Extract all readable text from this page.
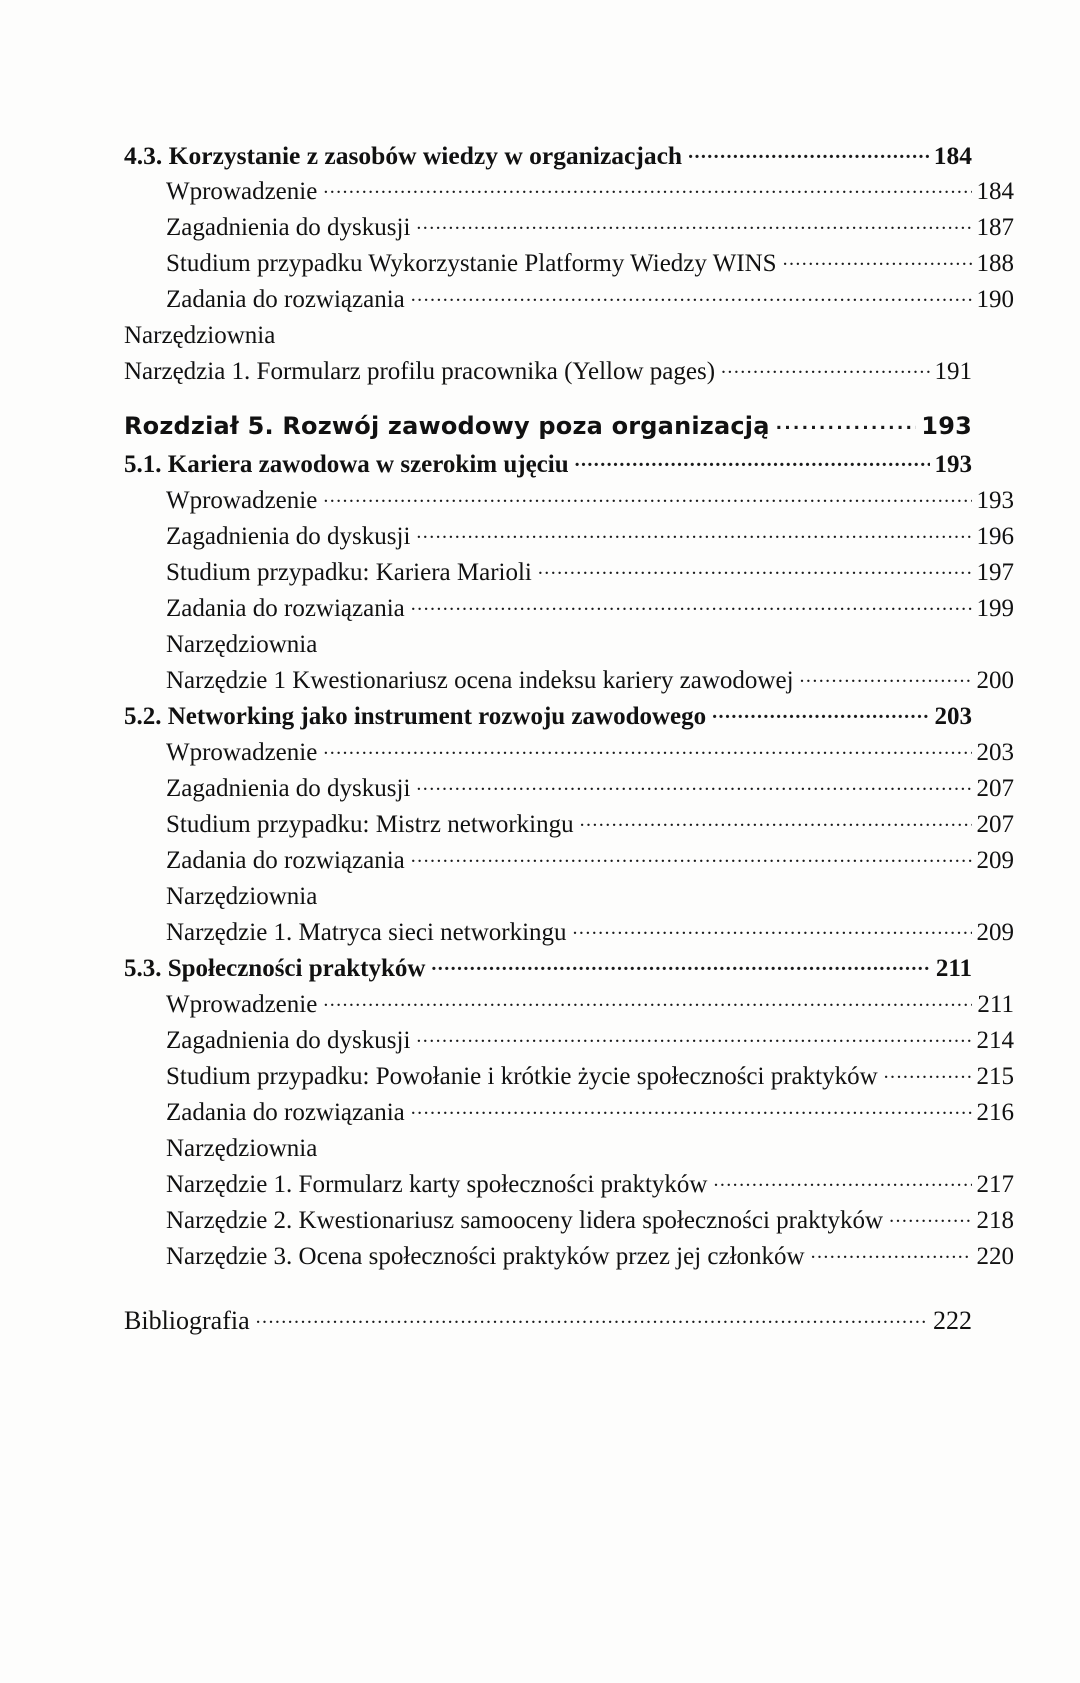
4.3. Korzystanie z zasobów wiedzy w organizacjach .....	184
Wprowadzenie .....	184
Zagadnienia do dyskusji .....	187
Studium przypadku Wykorzystanie Platformy Wiedzy WINS .....	188
Zadania do rozwiązania .....	190
Narzędziownia
Narzędzia 1. Formularz profilu pracownika (Yellow pages) .....	191
Rozdział 5. Rozwój zawodowy poza organizacją .....	193
5.1. Kariera zawodowa w szerokim ujęciu .....	193
Wprowadzenie .....	193
Zagadnienia do dyskusji .....	196
Studium przypadku: Kariera Marioli .....	197
Zadania do rozwiązania .....	199
Narzędziownia
Narzędzie 1 Kwestionariusz ocena indeksu kariery zawodowej .....	200
5.2. Networking jako instrument rozwoju zawodowego .....	203
Wprowadzenie .....	203
Zagadnienia do dyskusji .....	207
Studium przypadku: Mistrz networkingu .....	207
Zadania do rozwiązania .....	209
Narzędziownia
Narzędzie 1. Matryca sieci networkingu .....	209
5.3. Społeczności praktyków .....	211
Wprowadzenie .....	211
Zagadnienia do dyskusji .....	214
Studium przypadku: Powołanie i krótkie życie społeczności praktyków .....	215
Zadania do rozwiązania .....	216
Narzędziownia
Narzędzie 1. Formularz karty społeczności praktyków .....	217
Narzędzie 2. Kwestionariusz samooceny lidera społeczności praktyków .....	218
Narzędzie 3. Ocena społeczności praktyków przez jej członków .....	220
Bibliografia .....	222
